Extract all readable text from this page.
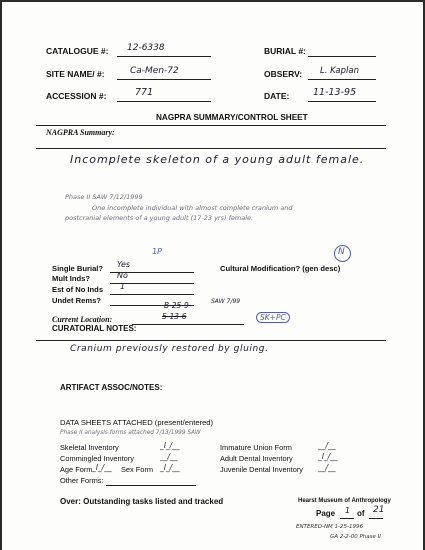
CATALOGUE #: 12-6338	BURIAL #:
SITE NAME/ #:	Ca-Men-72	OBSERV: L. Kaplan
ACCESSION #:	771	DATE: 11-13-95
NAGPRA SUMMARY/CONTROL SHEET
NAGPRA Summary:
Incomplete skeleton of a young adult female.
Phase II SAW 7/12/1999
One incomplete individual with almost complete cranium and
postcranial elements of a young adult (17-23 yrs) female.
1P	N
Single Burial? Yes	Cultural Modification? (gen desc)
Mult Inds?	No
Est of No Inds 1
Undet Rems?
B-25-9	SAW 7/99
Current Location:	5-13-6	SK+PC
CURATORIAL NOTES:
Cranium previously restored by gluing.
ARTIFACT ASSOC/NOTES:
DATA SHEETS ATTACHED (present/entered)
Phase II analysis forms attached 7/13/1999 SAW
Skeletal Inventory	_l_/__	Immature Union Form	__/__
Commingled Inventory	__/__	Adult Dental Inventory	_l_/__
Age Form _l_/__ Sex Form _l_/__	Juvenile Dental Inventory __/__
Other Forms:
Over: Outstanding tasks listed and tracked	Hearst Museum of Anthropology
Page 1 of 21
ENTERED-NM 1-25-1996
GA 2-2-00 Phase II
